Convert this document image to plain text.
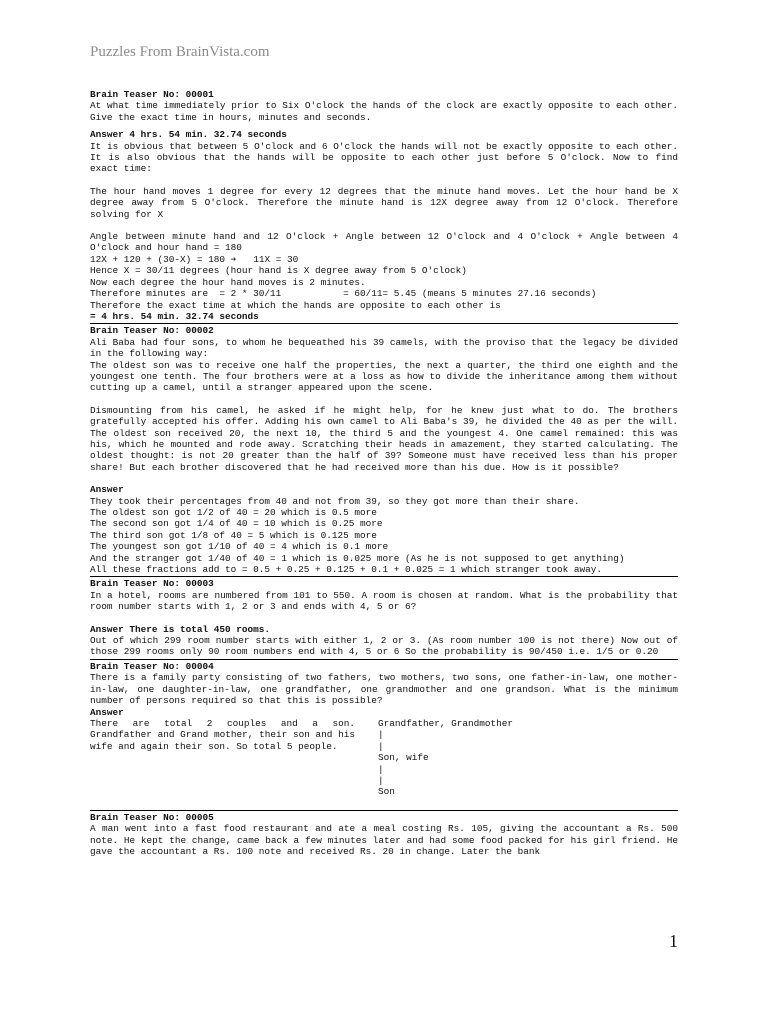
Puzzles From BrainVista.com

Brain Teaser No: 00001

At what time immediately prior to Six O'clock the hands of the clock are exactly opposite to each other. Give the exact time in hours, minutes and seconds.

Answer 4 hrs. 54 min. 32.74 seconds

It is obvious that between 5 O'clock and 6 O'clock the hands will not be exactly opposite to each other. It is also obvious that the hands will be opposite to each other just before 5 O'clock. Now to find exact time:

The hour hand moves 1 degree for every 12 degrees that the minute hand moves. Let the hour hand be X degree away from 5 O'clock. Therefore the minute hand is 12X degree away from 12 O'clock. Therefore solving for X

Angle between minute hand and 12 O'clock + Angle between 12 O'clock and 4 O'clock + Angle between 4 O'clock and hour hand = 180

12X + 120 + (30-X) = 180 ➔   11X = 30

Hence X = 30/11 degrees (hour hand is X degree away from 5 O'clock)

Now each degree the hour hand moves is 2 minutes.

Therefore minutes are  = 2 * 30/11           = 60/11= 5.45 (means 5 minutes 27.16 seconds)

Therefore the exact time at which the hands are opposite to each other is

= 4 hrs. 54 min. 32.74 seconds

Brain Teaser No: 00002

Ali Baba had four sons, to whom he bequeathed his 39 camels, with the proviso that the legacy be divided in the following way:

The oldest son was to receive one half the properties, the next a quarter, the third one eighth and the youngest one tenth. The four brothers were at a loss as how to divide the inheritance among them without cutting up a camel, until a stranger appeared upon the scene.

Dismounting from his camel, he asked if he might help, for he knew just what to do. The brothers gratefully accepted his offer. Adding his own camel to Ali Baba's 39, he divided the 40 as per the will. The oldest son received 20, the next 10, the third 5 and the youngest 4. One camel remained: this was his, which he mounted and rode away. Scratching their heads in amazement, they started calculating. The oldest thought: is not 20 greater than the half of 39? Someone must have received less than his proper share! But each brother discovered that he had received more than his due. How is it possible?

Answer

They took their percentages from 40 and not from 39, so they got more than their share.

The oldest son got 1/2 of 40 = 20 which is 0.5 more

The second son got 1/4 of 40 = 10 which is 0.25 more

The third son got 1/8 of 40 = 5 which is 0.125 more

The youngest son got 1/10 of 40 = 4 which is 0.1 more

And the stranger got 1/40 of 40 = 1 which is 0.025 more (As he is not supposed to get anything)

All these fractions add to = 0.5 + 0.25 + 0.125 + 0.1 + 0.025 = 1 which stranger took away.

Brain Teaser No: 00003

In a hotel, rooms are numbered from 101 to 550. A room is chosen at random. What is the probability that room number starts with 1, 2 or 3 and ends with 4, 5 or 6?

Answer There is total 450 rooms.

Out of which 299 room number starts with either 1, 2 or 3. (As room number 100 is not there) Now out of those 299 rooms only 90 room numbers end with 4, 5 or 6 So the probability is 90/450 i.e. 1/5 or 0.20

Brain Teaser No: 00004

There is a family party consisting of two fathers, two mothers, two sons, one father-in-law, one mother-in-law, one daughter-in-law, one grandfather, one grandmother and one grandson. What is the minimum number of persons required so that this is possible?

Answer

There are total 2 couples and a son. Grandfather and Grand mother, their son and his wife and again their son. So total 5 people.

Grandfather, Grandmother
|
|
Son, wife
|
|
Son

Brain Teaser No: 00005

A man went into a fast food restaurant and ate a meal costing Rs. 105, giving the accountant a Rs. 500 note. He kept the change, came back a few minutes later and had some food packed for his girl friend. He gave the accountant a Rs. 100 note and received Rs. 20 in change. Later the bank

1
